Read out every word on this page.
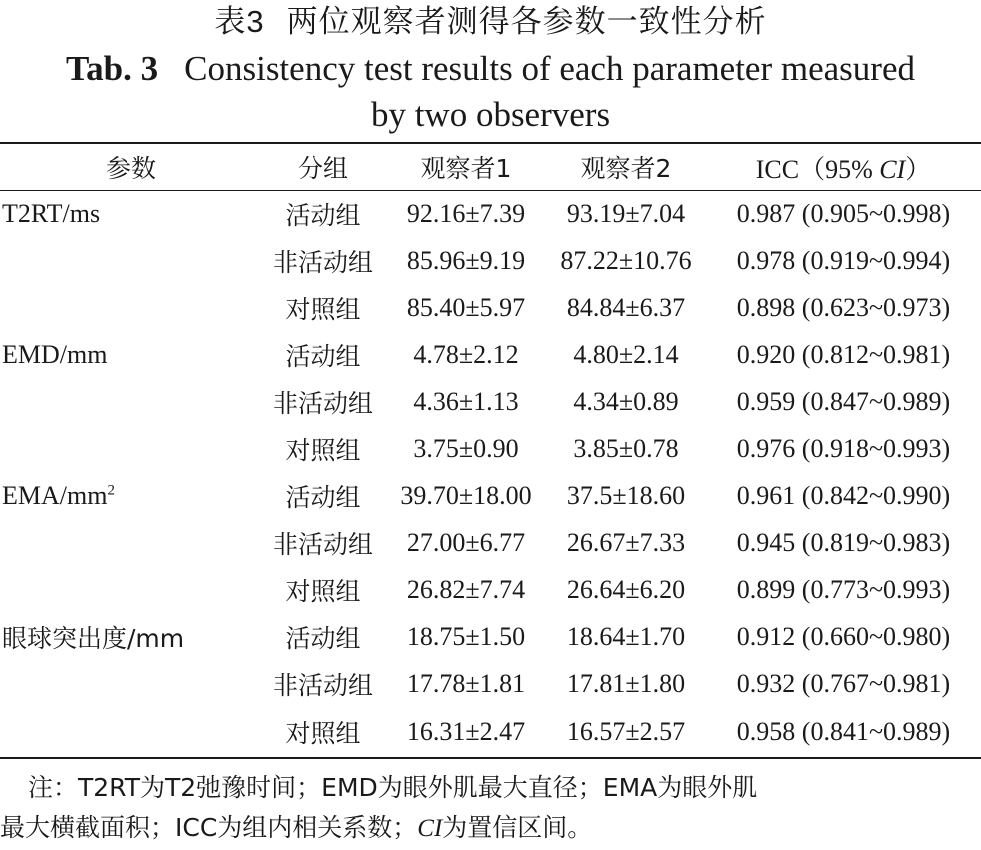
表3 两位观察者测得各参数一致性分析
Tab. 3 Consistency test results of each parameter measured
by two observers
参数	分组	观察者1	观察者2	ICC（95% CI）
T2RT/ms	活动组	92.16±7.39	93.19±7.04	0.987 (0.905~0.998)
	非活动组	85.96±9.19	87.22±10.76	0.978 (0.919~0.994)
	对照组	85.40±5.97	84.84±6.37	0.898 (0.623~0.973)
EMD/mm	活动组	4.78±2.12	4.80±2.14	0.920 (0.812~0.981)
	非活动组	4.36±1.13	4.34±0.89	0.959 (0.847~0.989)
	对照组	3.75±0.90	3.85±0.78	0.976 (0.918~0.993)
EMA/$mm^2$	活动组	39.70±18.00	37.5±18.60	0.961 (0.842~0.990)
	非活动组	27.00±6.77	26.67±7.33	0.945 (0.819~0.983)
	对照组	26.82±7.74	26.64±6.20	0.899 (0.773~0.993)
眼球突出度/mm	活动组	18.75±1.50	18.64±1.70	0.912 (0.660~0.980)
	非活动组	17.78±1.81	17.81±1.80	0.932 (0.767~0.981)
	对照组	16.31±2.47	16.57±2.57	0.958 (0.841~0.989)

注：T2RT为T2弛豫时间；EMD为眼外肌最大直径；EMA为眼外肌

最大横截面积；ICC为组内相关系数；CI为置信区间。
